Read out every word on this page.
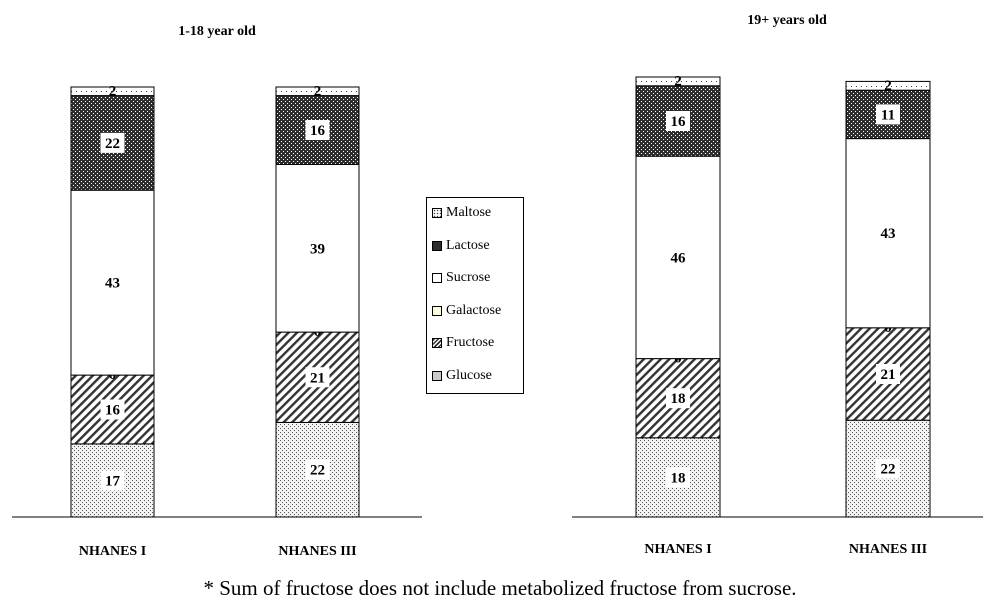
1-18 year old
17
16
43
22
2
NHANES I
22
21
39
16
2
NHANES III
19+ years old
18
18
46
16
2
NHANES I
22
21
43
11
2
NHANES III
Maltose
Lactose
Sucrose
Galactose
Fructose
Glucose
* Sum of fructose does not include metabolized fructose from sucrose.
